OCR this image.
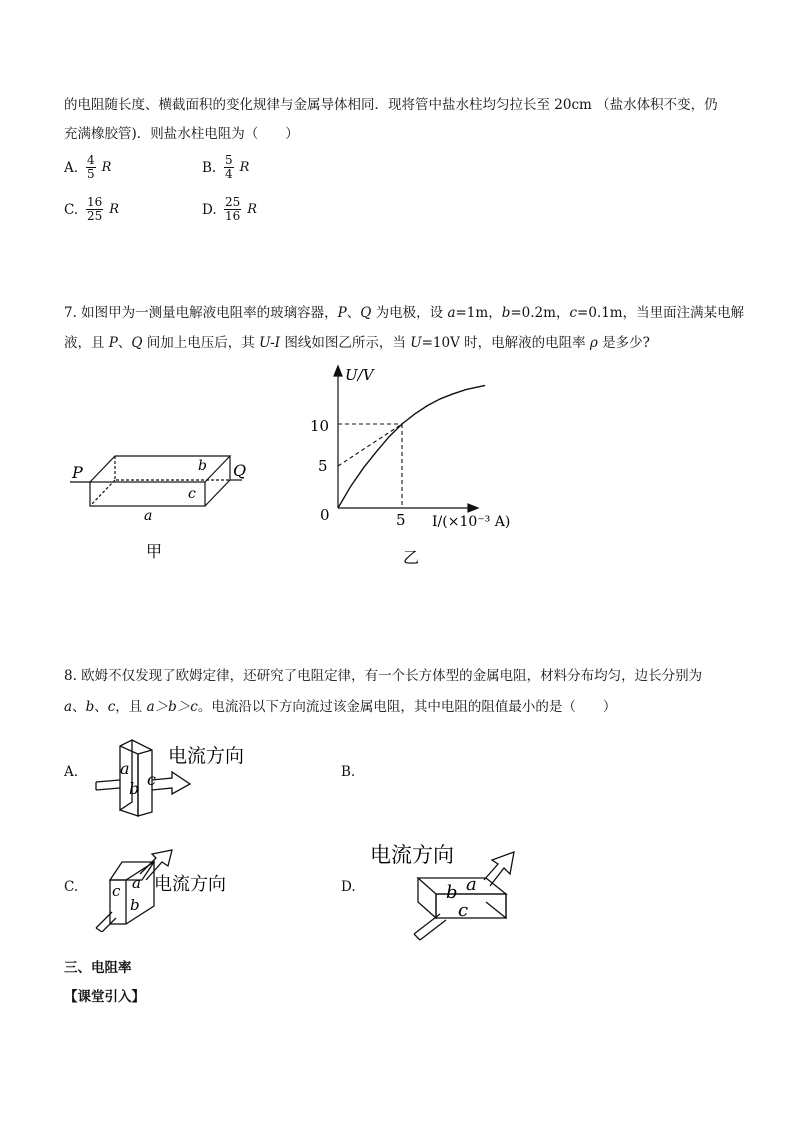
的电阻随长度、横截面积的变化规律与金属导体相同．现将管中盐水柱均匀拉长至 20cm （盐水体积不变，仍
充满橡胶管)．则盐水柱电阻为（　　）
A. $\frac{4}{5}$ R	B. $\frac{5}{4}$ R
C. $\frac{16}{25}$ R	D. $\frac{25}{16}$ R
7. 如图甲为一测量电解液电阻率的玻璃容器，P、Q 为电极，设 a=1m，b=0.2m，c=0.1m，当里面注满某电解
液，且 P、Q 间加上电压后，其 U-I 图线如图乙所示，当 U=10V 时，电解液的电阻率 ρ 是多少?
P	Q
b
c
a
甲
U/V
I/(×10⁻³ A)
0
10
5
5
乙
8. 欧姆不仅发现了欧姆定律，还研究了电阻定律，有一个长方体型的金属电阻，材料分布均匀，边长分别为
a、b、c，且 a＞b＞c。电流沿以下方向流过该金属电阻，其中电阻的阻值最小的是（　　）
A.	B.
C.	D.
a
b c
电流方向
c a
b
电流方向	b a
c
电流方向
三、电阻率
【课堂引入】
